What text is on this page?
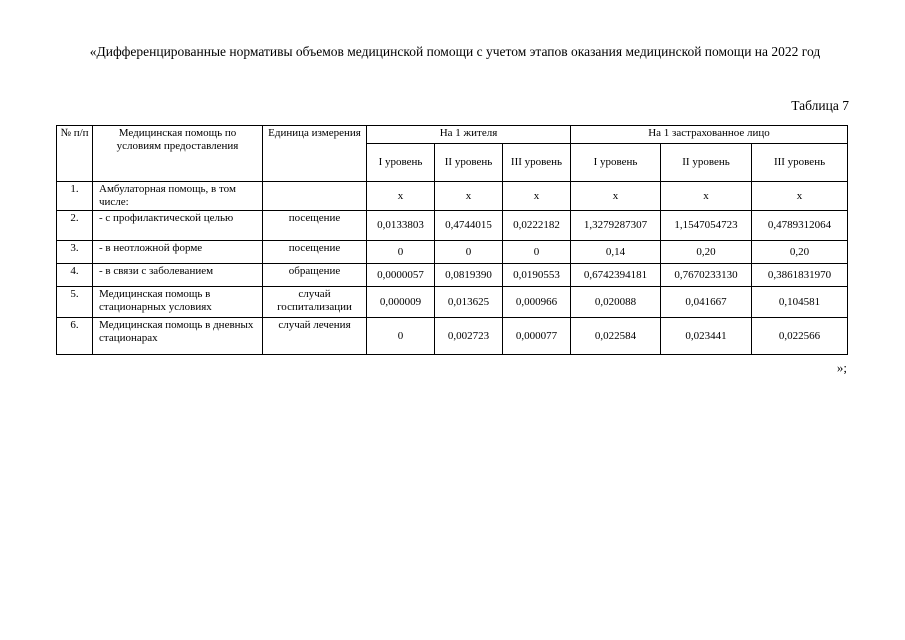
«Дифференцированные нормативы объемов медицинской помощи с учетом этапов оказания медицинской помощи на 2022 год
Таблица 7
№ п/п	Медицинская помощь по условиям предоставления	Единица измерения	На 1 жителя			На 1 застрахованное лицо		
			I уровень	II уровень	III уровень	I уровень	II уровень	III уровень
1.	Амбулаторная помощь, в том числе:		х	х	х	х	х	х
2.	- с профилактической целью	посещение	0,0133803	0,4744015	0,0222182	1,3279287307	1,1547054723	0,4789312064
3.	- в неотложной форме	посещение	0	0	0	0,14	0,20	0,20
4.	- в связи с заболеванием	обращение	0,0000057	0,0819390	0,0190553	0,6742394181	0,7670233130	0,3861831970
5.	Медицинская помощь в стационарных условиях	случай госпитализации	0,000009	0,013625	0,000966	0,020088	0,041667	0,104581
6.	Медицинская помощь в дневных стационарах	случай лечения	0	0,002723	0,000077	0,022584	0,023441	0,022566
»;
